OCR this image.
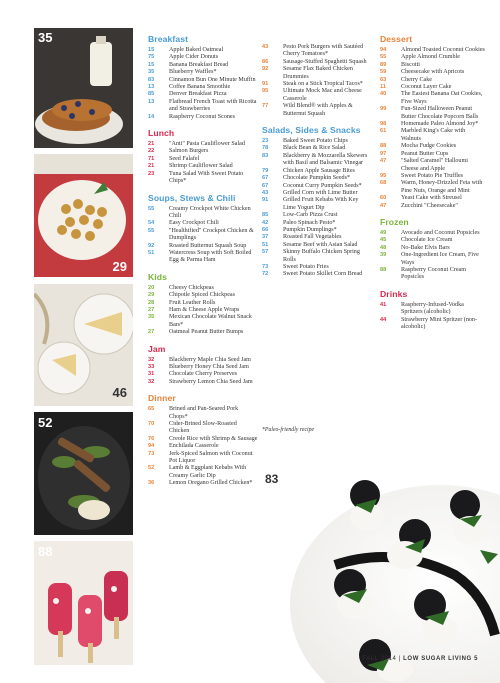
35
29
46
52
88
Breakfast
15	Apple Baked Oatmeal
75	Apple Cider Donuts
15	Banana Breakfast Bread
35	Blueberry Waffles*
83	Cinnamon Bun One Minute Muffin
13	Coffee Banana Smoothie
85	Denver Breakfast Pizza
13	Flatbread French Toast with Ricotta and Strawberries
14	Raspberry Coconut Scones
Lunch
21	"Anti" Pasta Cauliflower Salad
22	Salmon Burgers
71	Seed Falafel
21	Shrimp Cauliflower Salad
23	Tuna Salad With Sweet Potato Chips*
Soups, Stews & Chili
55	Creamy Crockpot White Chicken Chili
54	Easy Crockpot Chili
55	"Healthified" Crockpot Chicken & Dumplings
92	Roasted Butternut Squash Soup
51	Watercress Soup with Soft Boiled Egg & Parma Ham
Kids
20	Cheesy Chickpeas
29	Chipotle Spiced Chickpeas
28	Fruit Leather Rolls
27	Ham & Cheese Apple Wraps
35	Mexican Chocolate Walnut Snack Bars*
27	Oatmeal Peanut Butter Bumps
Jam
32	Blackberry Maple Chia Seed Jam
33	Blueberry Honey Chia Seed Jam
31	Chocolate Cherry Preserves
32	Strawberry Lemon Chia Seed Jam
Dinner
65	Brined and Pan-Seared Pork Chops*
70	Cider-Brined Slow-Roasted Chicken
76	Creole Rice with Shrimp & Sausage
94	Enchilada Casserole
73	Jerk-Spiced Salmon with Coconut Pot Liquor
52	Lamb & Eggplant Kebabs With Creamy Garlic Dip
36	Lemon Oregano Grilled Chicken*
43	Pesto Pork Burgers with Sautéed Cherry Tomatoes*
86	Sausage-Stuffed Spaghetti Squash
92	Sesame Flax Baked Chicken Drummies
91	Steak on a Stick Tropical Tacos*
95	Ultimate Mock Mac and Cheese Casserole
77	Wild Blend® with Apples & Butternut Squash
Salads, Sides & Snacks
23	Baked Sweet Potato Chips
78	Black Bean & Rice Salad
83	Blackberry & Mozzarella Skewers with Basil and Balsamic Vinegar
79	Chicken Apple Sausage Bites
67	Chocolate Pumpkin Seeds*
67	Coconut Curry Pumpkin Seeds*
43	Grilled Corn with Lime Butter
91	Grilled Fruit Kebabs With Key Lime Yogurt Dip
85	Low-Carb Pizza Crust
42	Paleo Spinach Pesto*
66	Pumpkin Dumplings*
37	Roasted Fall Vegetables
51	Sesame Beef with Asian Salad
57	Skinny Buffalo Chicken Spring Rolls
73	Sweet Potato Fries
72	Sweet Potato Skillet Corn Bread
*Paleo-friendly recipe
Dessert
94	Almond Toasted Coconut Cookies
55	Apple Almond Crumble
89	Biscotti
59	Cheesecake with Apricots
63	Cherry Cake
11	Coconut Layer Cake
40	The Easiest Banana Oat Cookies, Five Ways
99	Fun-Sized Halloween Peanut Butter Chocolate Popcorn Balls
98	Homemade Paleo Almond Joy*
61	Marbled King's Cake with Walnuts
88	Mocha Fudge Cookies
97	Peanut Butter Cups
47	"Salted Caramel" Halloumi Cheese and Apple
95	Sweet Potato Pie Truffles
68	Warm, Honey-Drizzled Feta with Pine Nuts, Orange and Mint
60	Yeast Cake with Streusel
47	Zucchini "Cheesecake"
Frozen
49	Avocado and Coconut Popsicles
45	Chocolate Ice Cream
48	No-Bake Elvis Bars
39	One-Ingredient Ice Cream, Five Ways
88	Raspberry Coconut Cream Popsicles
Drinks
41	Raspberry-Infused-Vodka Spritzers (alcoholic)
44	Strawberry Mint Spritzer (non-alcoholic)
83
FALL 2014 | LOW SUGAR LIVING 5
